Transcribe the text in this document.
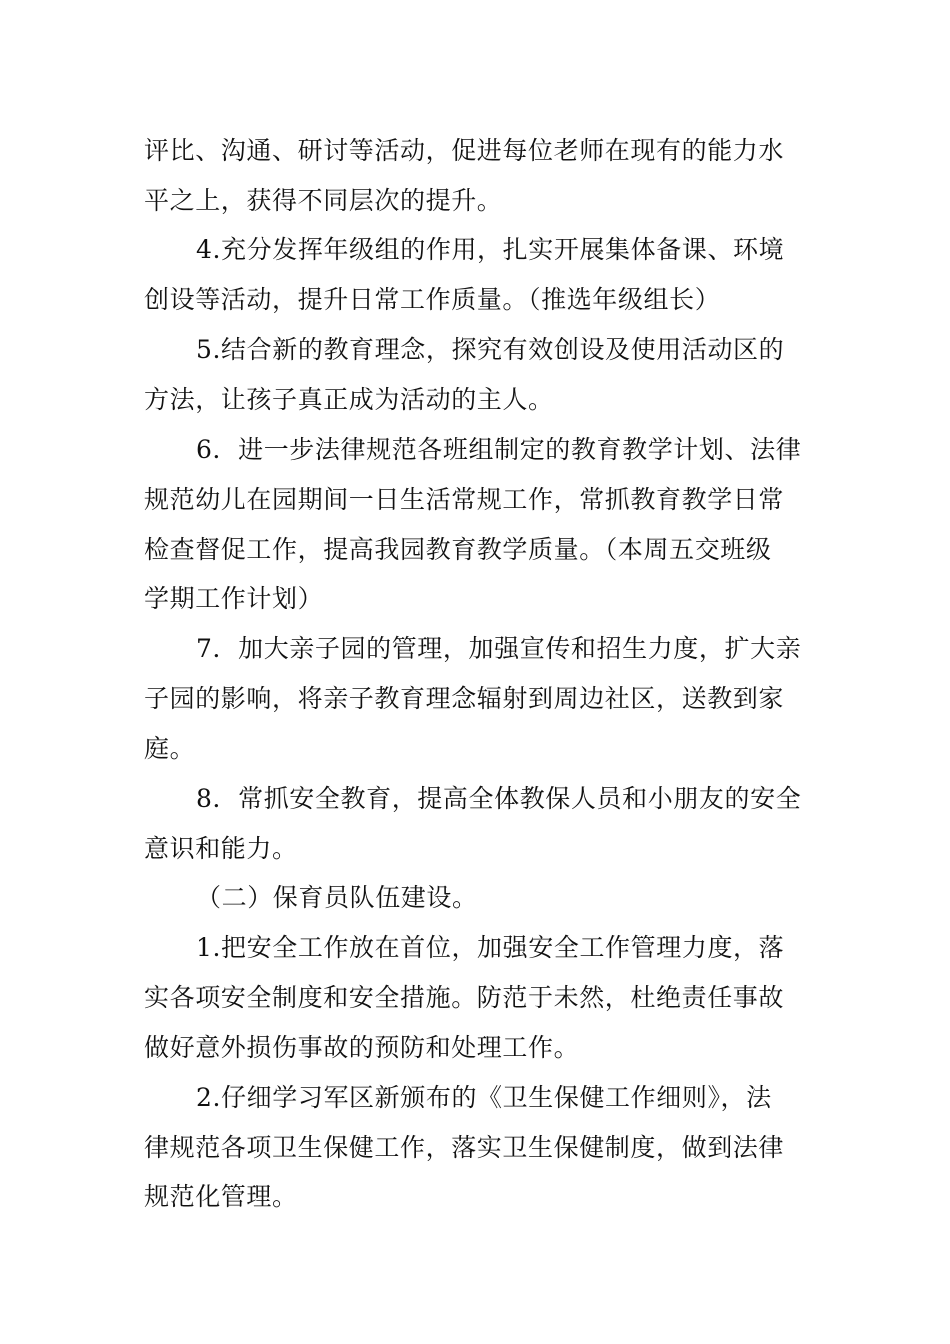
评比、沟通、研讨等活动，促进每位老师在现有的能力水
平之上，获得不同层次的提升。
4.充分发挥年级组的作用，扎实开展集体备课、环境
创设等活动，提升日常工作质量。（推选年级组长）
5.结合新的教育理念，探究有效创设及使用活动区的
方法，让孩子真正成为活动的主人。
6．进一步法律规范各班组制定的教育教学计划、法律
规范幼儿在园期间一日生活常规工作，常抓教育教学日常
检查督促工作，提高我园教育教学质量。（本周五交班级
学期工作计划）
7．加大亲子园的管理，加强宣传和招生力度，扩大亲
子园的影响，将亲子教育理念辐射到周边社区，送教到家
庭。
8．常抓安全教育，提高全体教保人员和小朋友的安全
意识和能力。
（二）保育员队伍建设。
1.把安全工作放在首位，加强安全工作管理力度，落
实各项安全制度和安全措施。防范于未然，杜绝责任事故
做好意外损伤事故的预防和处理工作。
2.仔细学习军区新颁布的《卫生保健工作细则》，法
律规范各项卫生保健工作，落实卫生保健制度，做到法律
规范化管理。
